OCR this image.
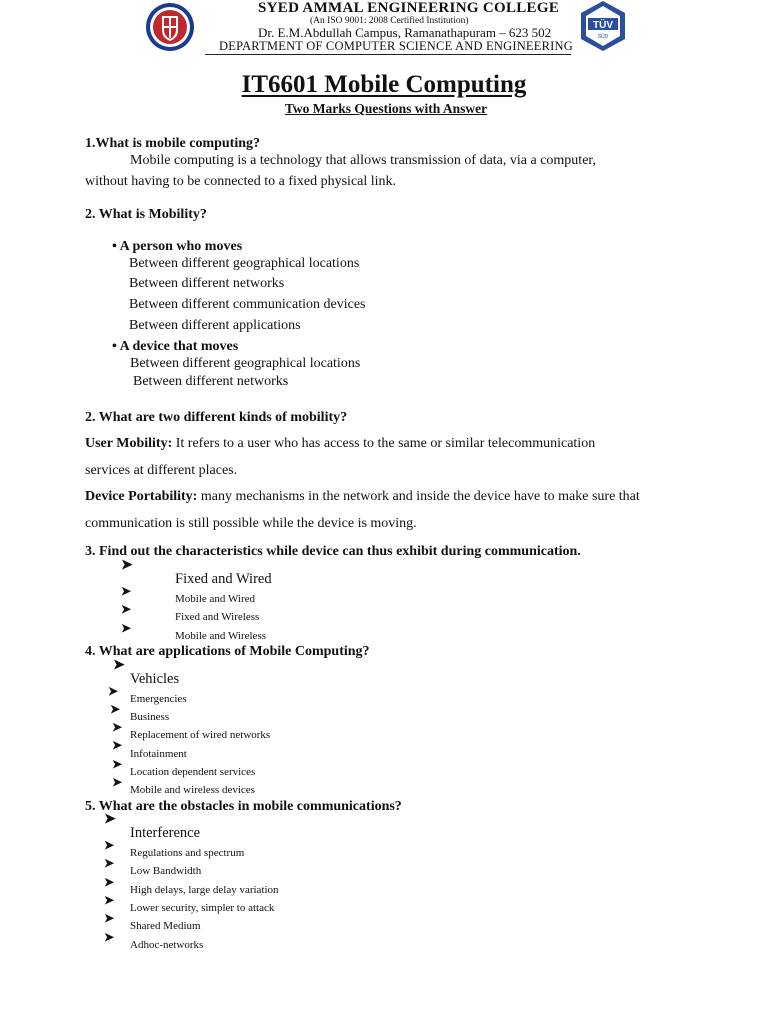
SYED AMMAL ENGINEERING COLLEGE
(An ISO 9001: 2008 Certified Institution)
Dr. E.M.Abdullah Campus, Ramanathapuram – 623 502
DEPARTMENT OF COMPUTER SCIENCE AND ENGINEERING
TÜV
SÜD
IT6601 Mobile Computing
Two Marks Questions with Answer
1.What is mobile computing?
Mobile computing is a technology that allows transmission of data, via a computer,
without having to be connected to a fixed physical link.
2. What is Mobility?
• A person who moves
Between different geographical locations
Between different networks
Between different communication devices
Between different applications
• A device that moves
Between different geographical locations
Between different networks
2. What are two different kinds of mobility?
User Mobility: It refers to a user who has access to the same or similar telecommunication
services at different places.
Device Portability: many mechanisms in the network and inside the device have to make sure that
communication is still possible while the device is moving.
3. Find out the characteristics while device can thus exhibit during communication.
➤
Fixed and Wired
➤
Mobile and Wired
➤
Fixed and Wireless
➤
Mobile and Wireless
4. What are applications of Mobile Computing?
➤
Vehicles
➤
Emergencies
➤
Business
➤
Replacement of wired networks
➤
Infotainment
➤
Location dependent services
➤
Mobile and wireless devices
5. What are the obstacles in mobile communications?
➤
Interference
➤
Regulations and spectrum
➤
Low Bandwidth
➤
High delays, large delay variation
➤
Lower security, simpler to attack
➤
Shared Medium
➤
Adhoc-networks
